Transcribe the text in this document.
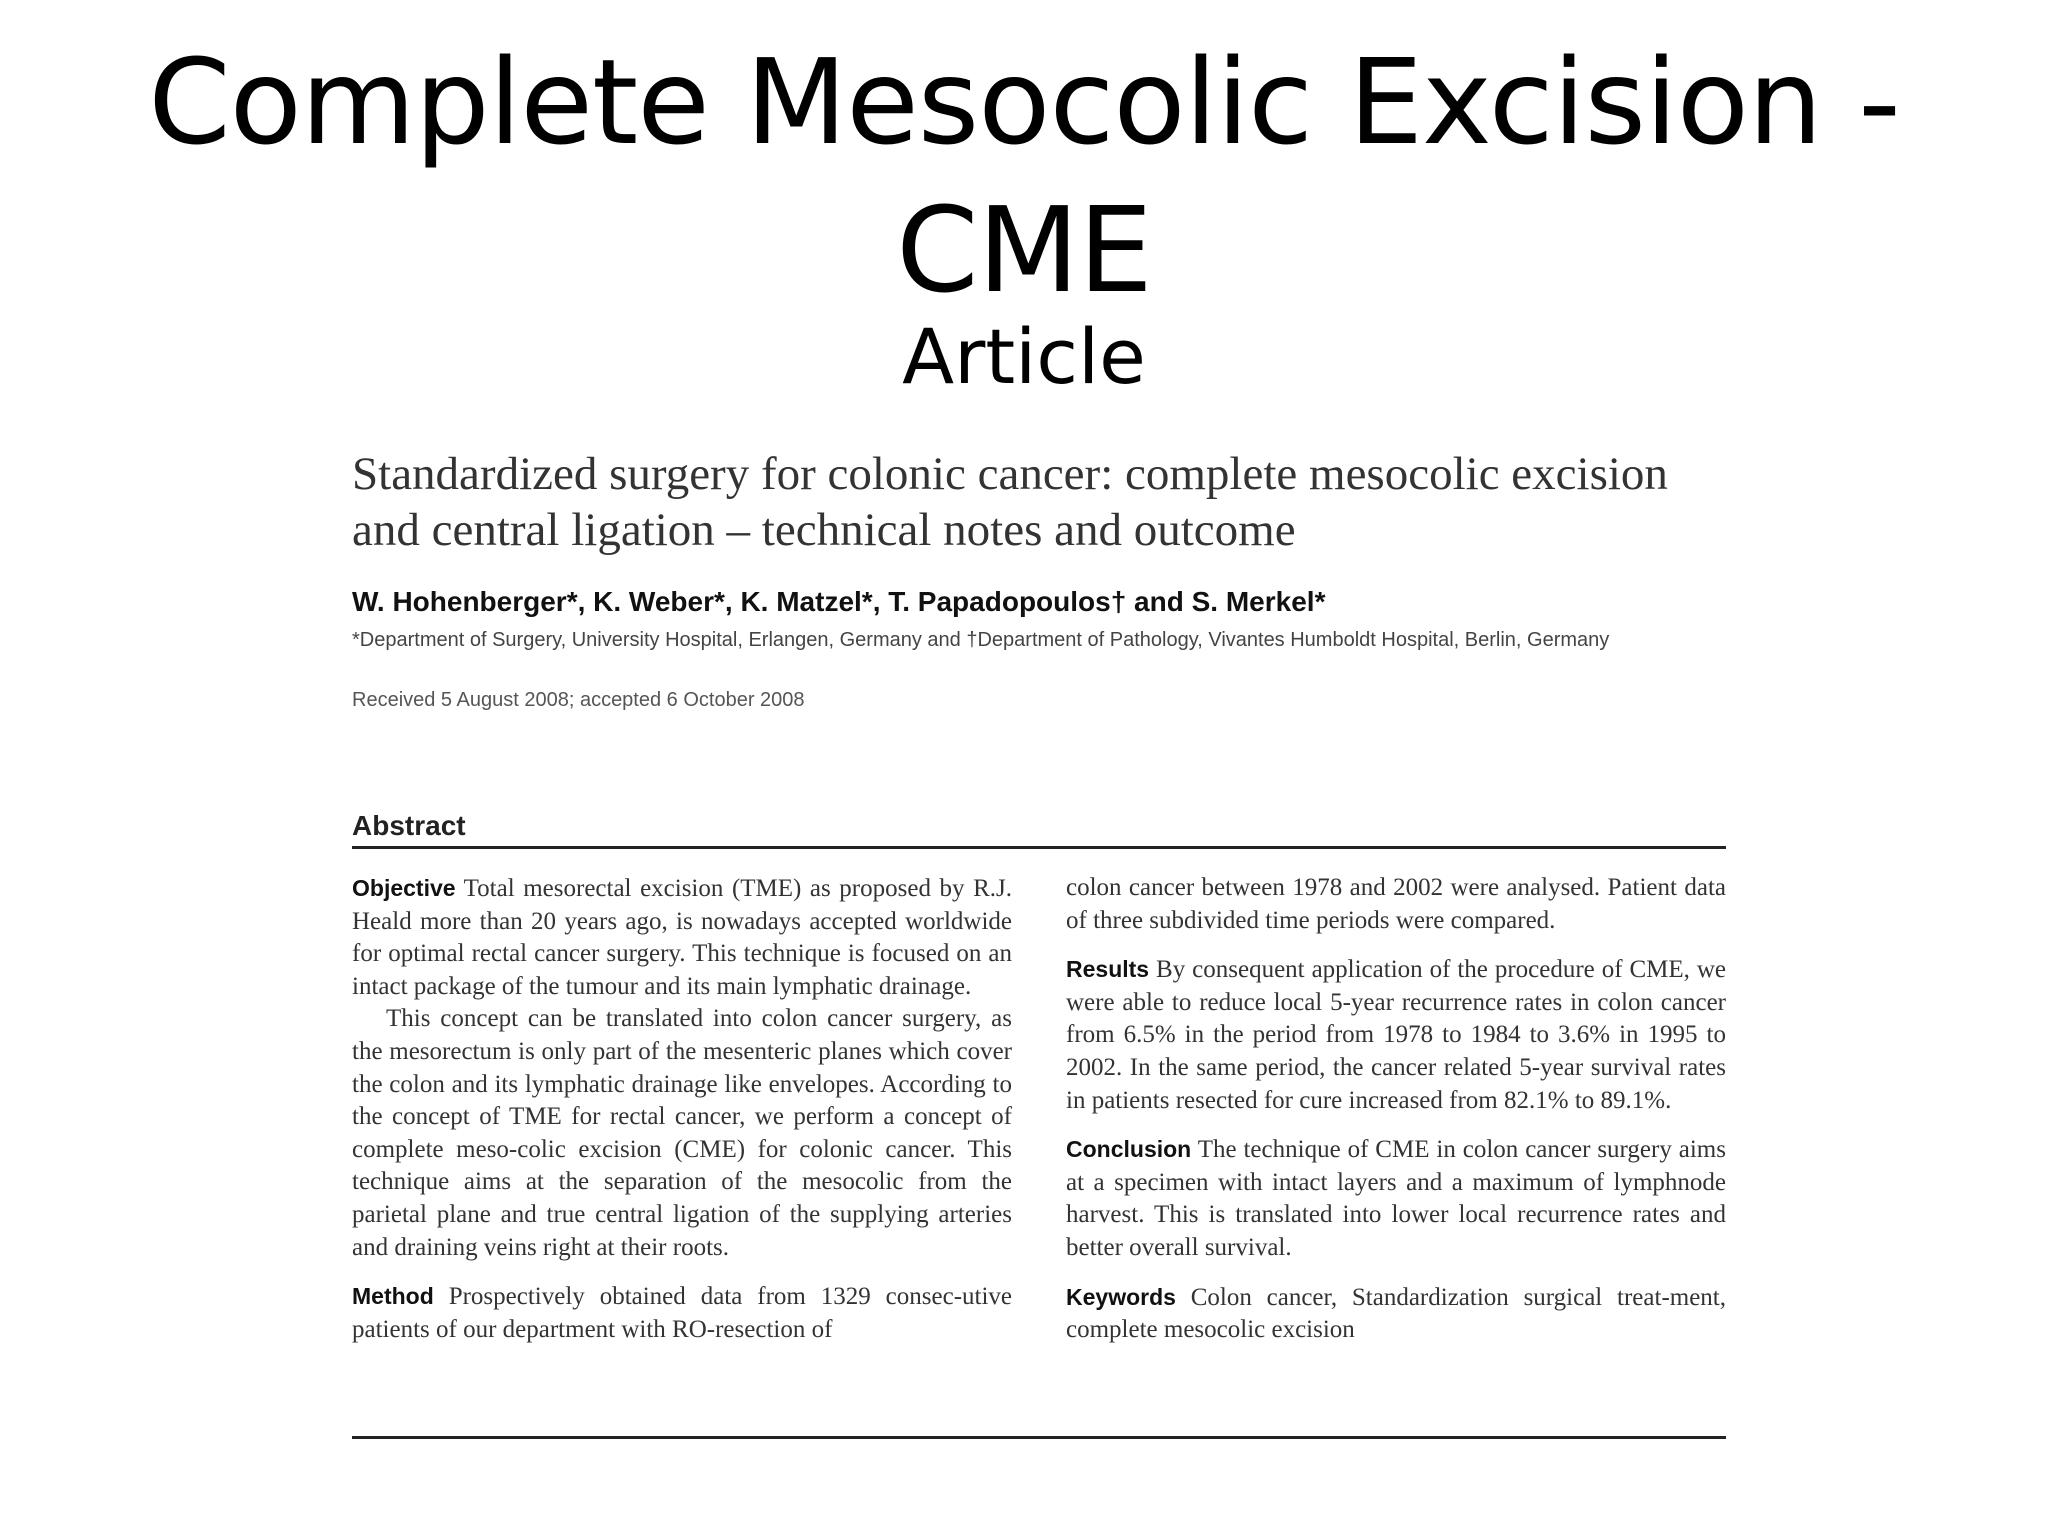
Complete Mesocolic Excision -
CME
Article
Standardized surgery for colonic cancer: complete mesocolic excision and central ligation – technical notes and outcome
W. Hohenberger*, K. Weber*, K. Matzel*, T. Papadopoulos† and S. Merkel*
*Department of Surgery, University Hospital, Erlangen, Germany and †Department of Pathology, Vivantes Humboldt Hospital, Berlin, Germany
Received 5 August 2008; accepted 6 October 2008
Abstract

Objective Total mesorectal excision (TME) as proposed by R.J. Heald more than 20 years ago, is nowadays accepted worldwide for optimal rectal cancer surgery. This technique is focused on an intact package of the tumour and its main lymphatic drainage.

This concept can be translated into colon cancer surgery, as the mesorectum is only part of the mesenteric planes which cover the colon and its lymphatic drainage like envelopes. According to the concept of TME for rectal cancer, we perform a concept of complete meso-colic excision (CME) for colonic cancer. This technique aims at the separation of the mesocolic from the parietal plane and true central ligation of the supplying arteries and draining veins right at their roots.

Method Prospectively obtained data from 1329 consec-utive patients of our department with RO-resection of

colon cancer between 1978 and 2002 were analysed. Patient data of three subdivided time periods were compared.

Results By consequent application of the procedure of CME, we were able to reduce local 5-year recurrence rates in colon cancer from 6.5% in the period from 1978 to 1984 to 3.6% in 1995 to 2002. In the same period, the cancer related 5-year survival rates in patients resected for cure increased from 82.1% to 89.1%.

Conclusion The technique of CME in colon cancer surgery aims at a specimen with intact layers and a maximum of lymphnode harvest. This is translated into lower local recurrence rates and better overall survival.

Keywords Colon cancer, Standardization surgical treat-ment, complete mesocolic excision
